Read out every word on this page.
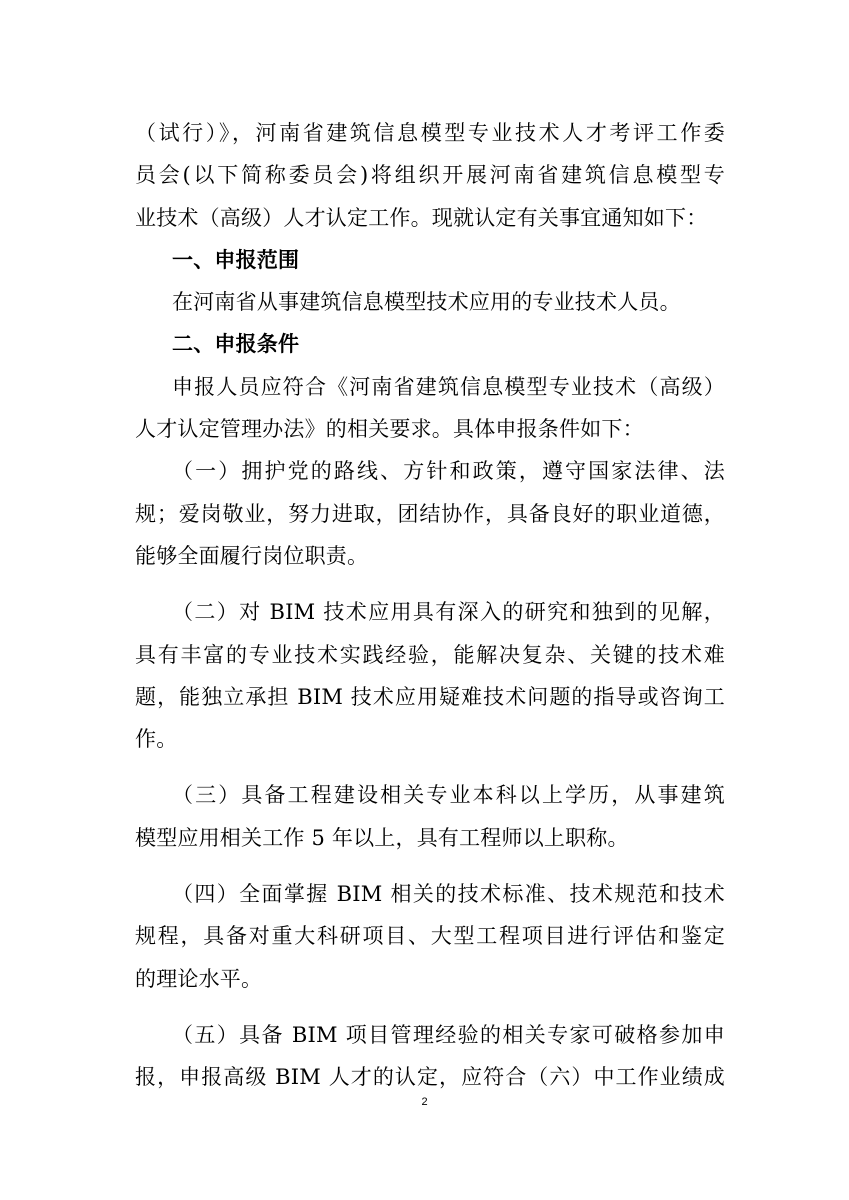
（试行）》，河南省建筑信息模型专业技术人才考评工作委
员会(以下简称委员会)将组织开展河南省建筑信息模型专
业技术（高级）人才认定工作。现就认定有关事宜通知如下：
一、申报范围
在河南省从事建筑信息模型技术应用的专业技术人员。
二、申报条件
申报人员应符合《河南省建筑信息模型专业技术（高级）
人才认定管理办法》的相关要求。具体申报条件如下：
（一）拥护党的路线、方针和政策，遵守国家法律、法
规；爱岗敬业，努力进取，团结协作，具备良好的职业道德，
能够全面履行岗位职责。
（二）对 BIM 技术应用具有深入的研究和独到的见解，
具有丰富的专业技术实践经验，能解决复杂、关键的技术难
题，能独立承担 BIM 技术应用疑难技术问题的指导或咨询工
作。
（三）具备工程建设相关专业本科以上学历，从事建筑
模型应用相关工作 5 年以上，具有工程师以上职称。
（四）全面掌握 BIM 相关的技术标准、技术规范和技术
规程，具备对重大科研项目、大型工程项目进行评估和鉴定
的理论水平。
（五）具备 BIM 项目管理经验的相关专家可破格参加申
报，申报高级 BIM 人才的认定，应符合（六）中工作业绩成
2
